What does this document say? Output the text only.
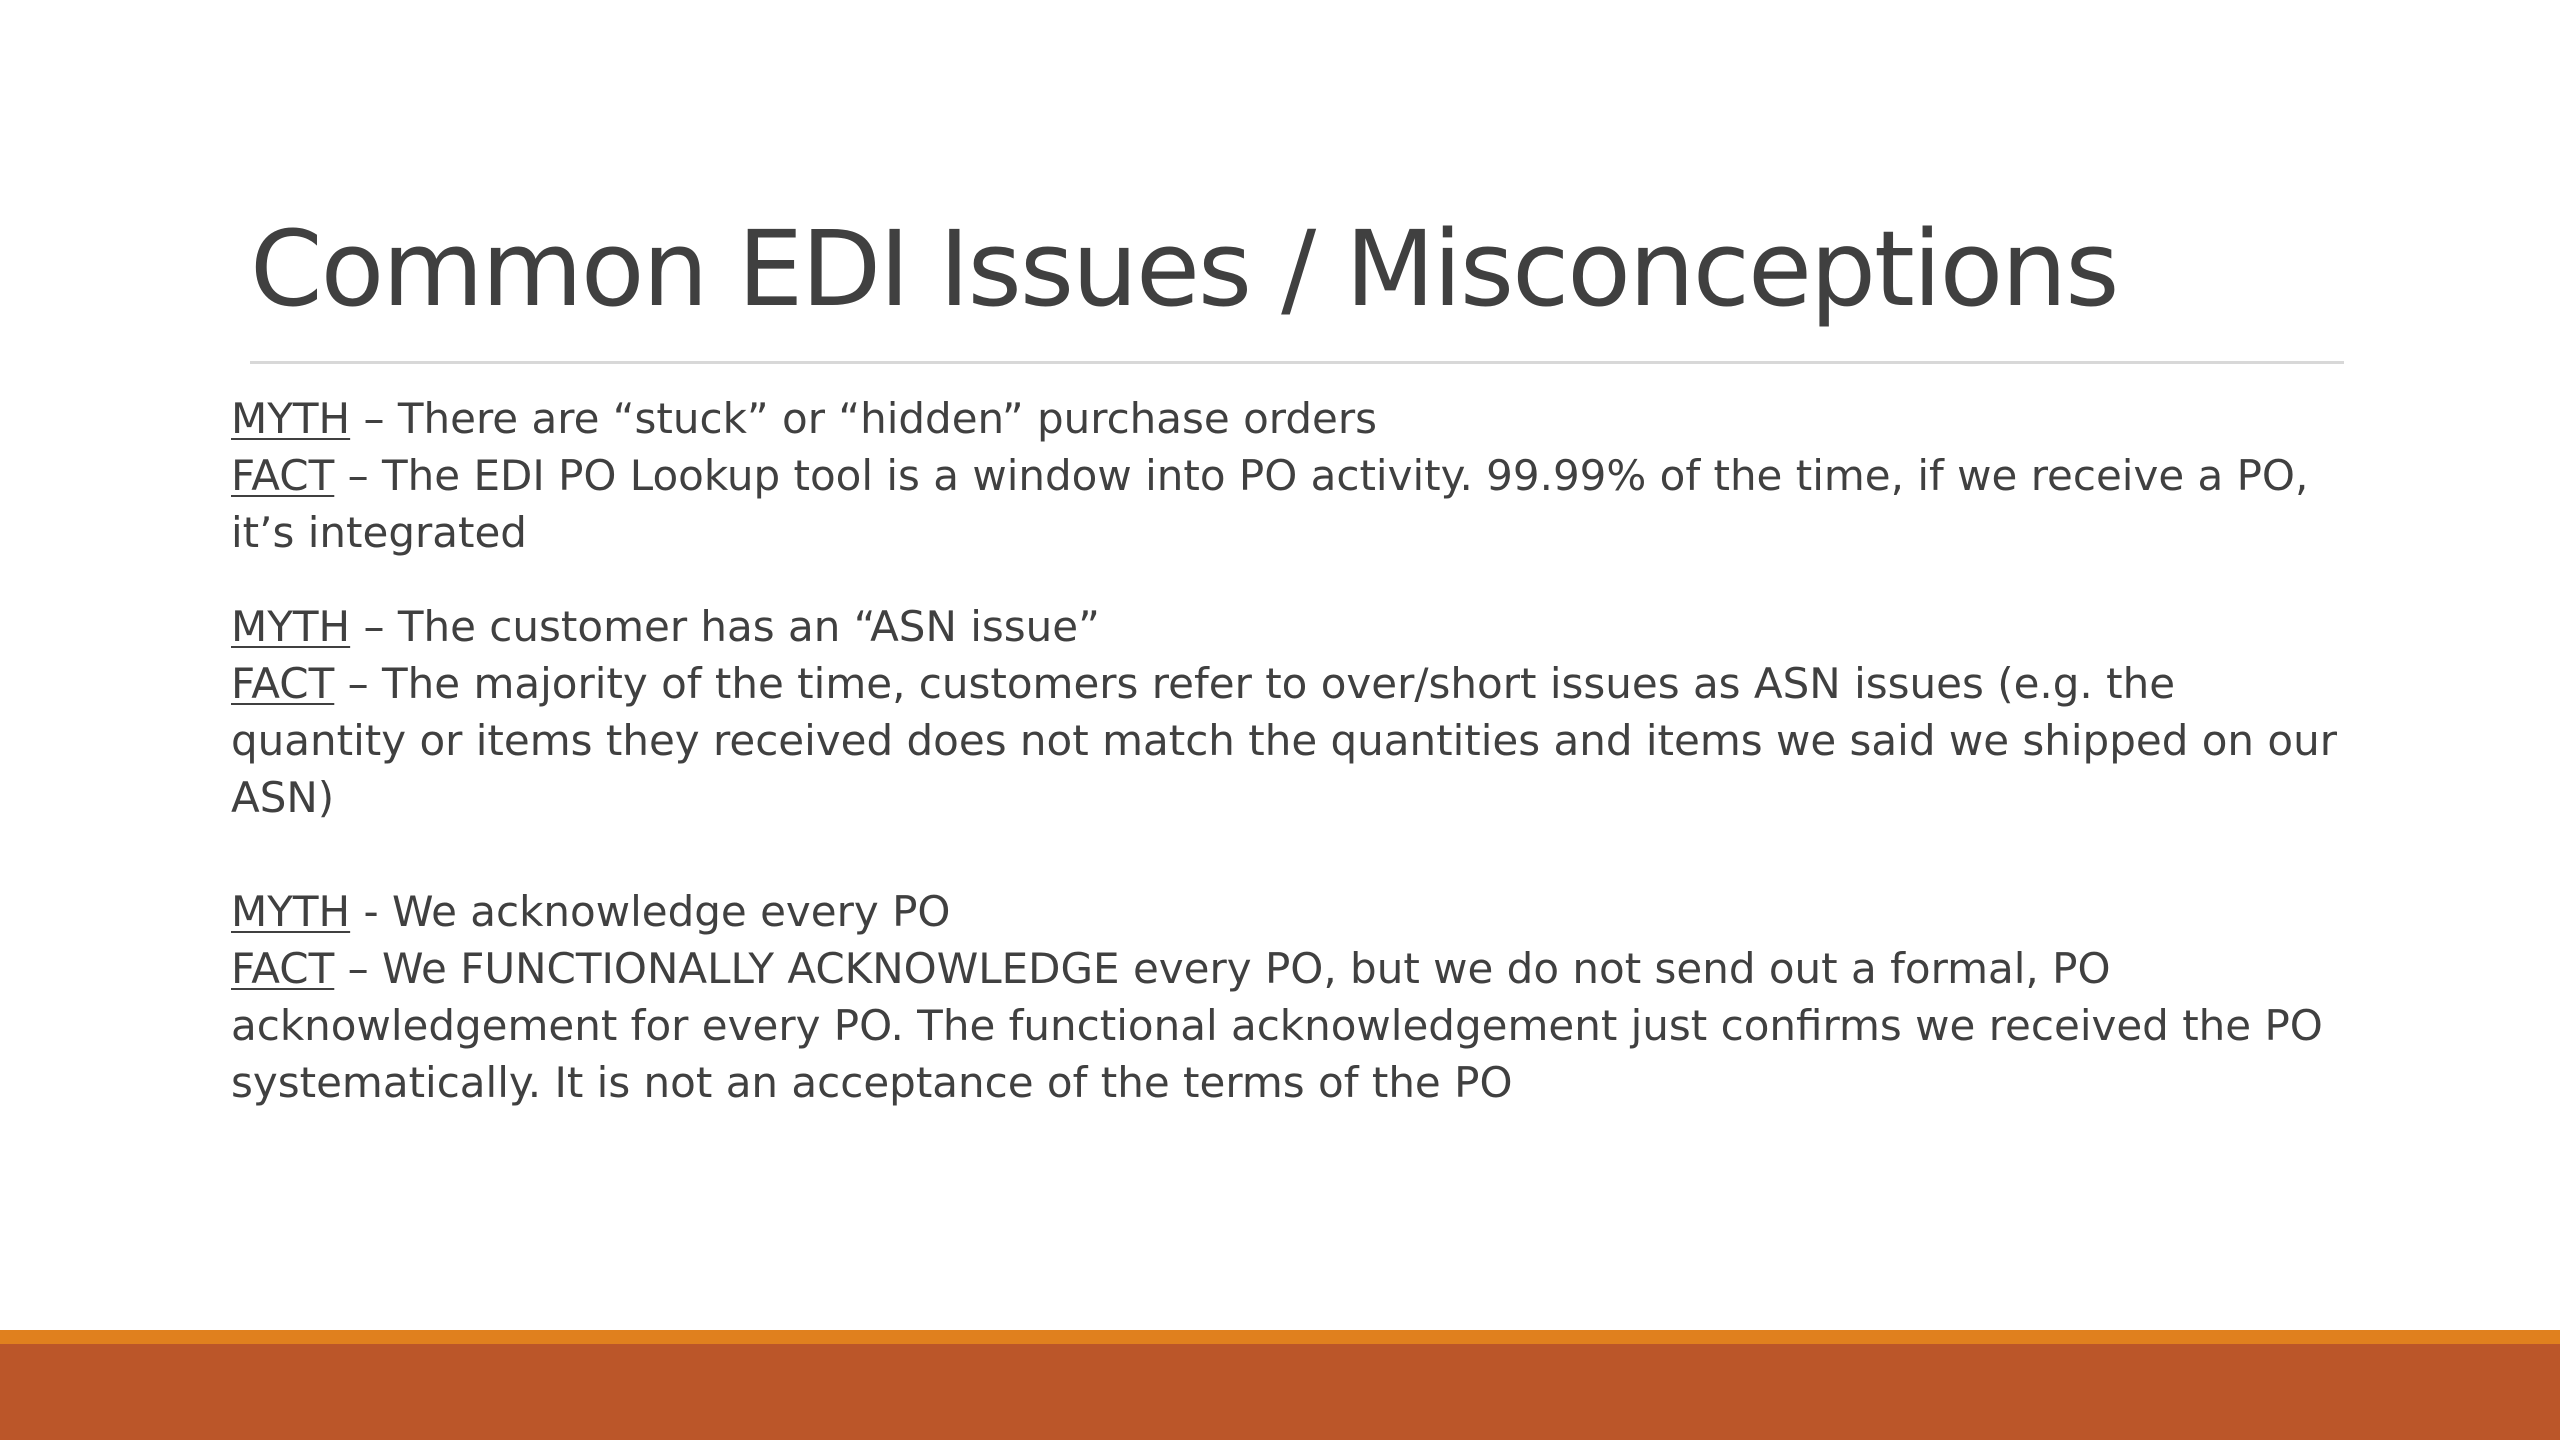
Common EDI Issues / Misconceptions
MYTH – There are “stuck” or “hidden” purchase orders
FACT – The EDI PO Lookup tool is a window into PO activity. 99.99% of the time, if we receive a PO, it’s integrated
MYTH – The customer has an “ASN issue”
FACT – The majority of the time, customers refer to over/short issues as ASN issues (e.g. the quantity or items they received does not match the quantities and items we said we shipped on our ASN)
MYTH - We acknowledge every PO
FACT – We FUNCTIONALLY ACKNOWLEDGE every PO, but we do not send out a formal, PO acknowledgement for every PO. The functional acknowledgement just confirms we received the PO systematically. It is not an acceptance of the terms of the PO
